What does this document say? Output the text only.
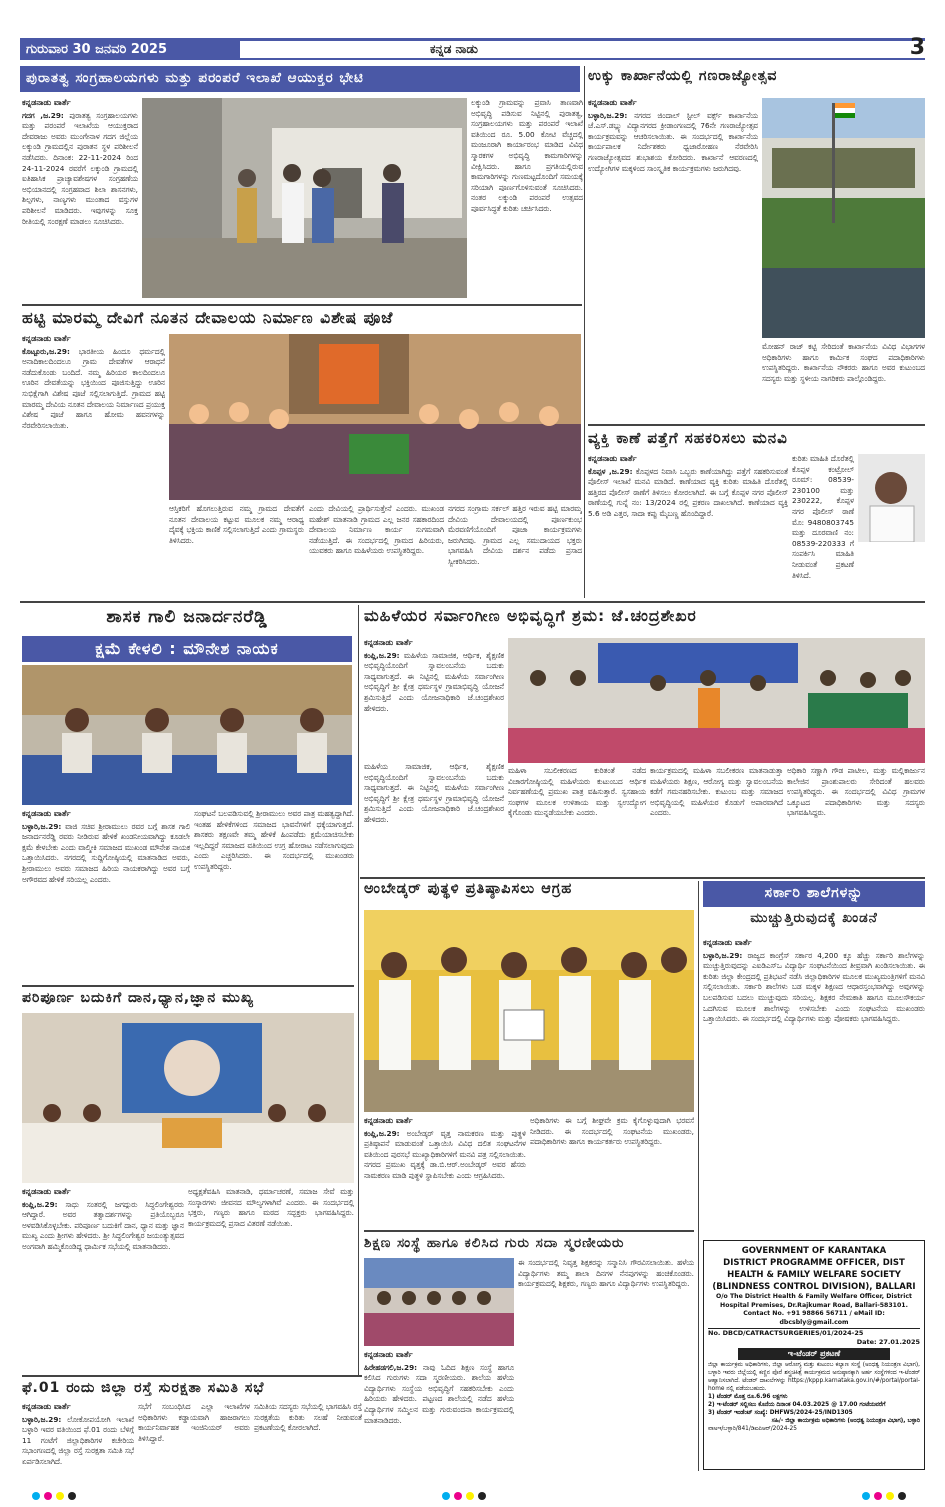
ಗುರುವಾರ 30 ಜನವರಿ 2025	ಕನ್ನಡ ನಾಡು	3
ಪುರಾತತ್ವ ಸಂಗ್ರಹಾಲಯಗಳು ಮತ್ತು ಪರಂಪರೆ ಇಲಾಖೆ ಆಯುಕ್ತರ ಭೇಟಿ	ಉಕ್ಕು ಕಾರ್ಖಾನೆಯಲ್ಲಿ ಗಣರಾಜ್ಯೋತ್ಸವ
ಕನ್ನಡನಾಡು ವಾರ್ತೆ
ಗದಗ ,ಜ.29: ಪುರಾತತ್ವ ಸಂಗ್ರಹಾಲಯಗಳು ಮತ್ತು ಪರಂಪರೆ ಇಲಾಖೆಯ ಆಯುಕ್ತರಾದ ದೇವರಾಜು ಅವರು ಮುಂಗೇನಾಳ ಗದಗ ಜಿಲ್ಲೆಯ ಲಕ್ಕುಂಡಿ ಗ್ರಾಮದಲ್ಲಿನ ಪುರಾತನ ಸ್ಥಳ ಪರಿಶೀಲನೆ ನಡೆಸಿದರು. ದಿನಾಂಕ: 22-11-2024 ರಿಂದ 24-11-2024 ರವರೆಗೆ ಲಕ್ಕುಂಡಿ ಗ್ರಾಮದಲ್ಲಿ ಐತಿಹಾಸಿಕ ಪ್ರಾಚ್ಯಾವಶೇಷಗಳ ಸಂಗ್ರಹಣೆಯ ಅಭಿಯಾನದಲ್ಲಿ ಸಂಗ್ರಹವಾದ ಶಿಲಾ ಶಾಸನಗಳು, ಶಿಲ್ಪಗಳು, ನಾಣ್ಯಗಳು ಮುಂತಾದ ವಸ್ತುಗಳ ಪರಿಶೀಲನೆ ಮಾಡಿದರು. ಇವುಗಳನ್ನು ಸೂಕ್ತ ರೀತಿಯಲ್ಲಿ ಸಂರಕ್ಷಣೆ ಮಾಡಲು ಸೂಚಿಸಿದರು.
ಲಕ್ಕುಂಡಿ ಗ್ರಾಮವನ್ನು ಪ್ರವಾಸಿ ತಾಣವಾಗಿ ಅಭಿವೃದ್ಧಿ ಪಡಿಸುವ ನಿಟ್ಟಿನಲ್ಲಿ ಪುರಾತತ್ವ, ಸಂಗ್ರಹಾಲಯಗಳು ಮತ್ತು ಪರಂಪರೆ ಇಲಾಖೆ ವತಿಯಿಂದ ರೂ. 5.00 ಕೋಟಿ ವೆಚ್ಚದಲ್ಲಿ ಮಂಜೂರಾಗಿ ಕಾರ್ಯಾರಂಭ ಮಾಡಿದ ವಿವಿಧ ಸ್ಮಾರಕಗಳ ಅಭಿವೃದ್ಧಿ ಕಾಮಗಾರಿಗಳನ್ನು ವೀಕ್ಷಿಸಿದರು. ಹಾಗೂ ಪ್ರಗತಿಯಲ್ಲಿರುವ ಕಾಮಗಾರಿಗಳನ್ನು ಗುಣಮಟ್ಟದೊಂದಿಗೆ ಸಮಯಕ್ಕೆ ಸರಿಯಾಗಿ ಪೂರ್ಣಗೊಳಿಸುವಂತೆ ಸೂಚಿಸಿದರು. ನಂತರ ಲಕ್ಕುಂಡಿ ಪರಂಪರೆ ಉತ್ಸವದ ಪೂರ್ವಸಿದ್ಧತೆ ಕುರಿತು ಚರ್ಚಿಸಿದರು.
ಕನ್ನಡನಾಡು ವಾರ್ತೆ
ಬಳ್ಳಾರಿ,ಜ.29: ನಗರದ ಜಿಂದಾಲ್ ಸ್ಟೀಲ್ ವರ್ಕ್ಸ್ ಕಾರ್ಖಾನೆಯ ಜೆ.ಎಸ್.ಡಬ್ಲ್ಯು ವಿದ್ಯಾನಗರದ ಕ್ರೀಡಾಂಗಣದಲ್ಲಿ 76ನೇ ಗಣರಾಜ್ಯೋತ್ಸವ ಕಾರ್ಯಕ್ರಮವನ್ನು ಆಚರಿಸಲಾಯಿತು. ಈ ಸಂದರ್ಭದಲ್ಲಿ ಕಾರ್ಖಾನೆಯ ಕಾರ್ಯಪಾಲಕ ನಿರ್ದೇಶಕರು ಧ್ವಜಾರೋಹಣ ನೆರವೇರಿಸಿ ಗಣರಾಜ್ಯೋತ್ಸವದ ಶುಭಾಶಯ ಕೋರಿದರು. ಕಾರ್ಖಾನೆ ಆವರಣದಲ್ಲಿ ಉದ್ಯೋಗಿಗಳ ಮಕ್ಕಳಿಂದ ಸಾಂಸ್ಕೃತಿಕ ಕಾರ್ಯಕ್ರಮಗಳು ಜರುಗಿದವು.
ಮೋಹನ್ ರಾಜ್ ಕಟ್ಟಿ ಸೇರಿದಂತೆ ಕಾರ್ಖಾನೆಯ ವಿವಿಧ ವಿಭಾಗಗಳ ಅಧಿಕಾರಿಗಳು ಹಾಗೂ ಕಾರ್ಮಿಕ ಸಂಘದ ಪದಾಧಿಕಾರಿಗಳು ಉಪಸ್ಥಿತರಿದ್ದರು. ಕಾರ್ಖಾನೆಯ ನೌಕರರು ಹಾಗೂ ಅವರ ಕುಟುಂಬದ ಸದಸ್ಯರು ಮತ್ತು ಸ್ಥಳೀಯ ನಾಗರಿಕರು ಪಾಲ್ಗೊಂಡಿದ್ದರು.
ಹಟ್ಟಿ ಮಾರಮ್ಮ ದೇವಿಗೆ ನೂತನ ದೇವಾಲಯ ನಿರ್ಮಾಣ ವಿಶೇಷ ಪೂಜೆ
ಕನ್ನಡನಾಡು ವಾರ್ತೆ
ಕೊಟ್ಟೂರು,ಜ.29: ಭಾರತೀಯ ಹಿಂದೂ ಧರ್ಮದಲ್ಲಿ ಅನಾದಿಕಾಲದಿಂದಲೂ ಗ್ರಾಮ ದೇವತೆಗಳ ಆರಾಧನೆ ನಡೆದುಕೊಂಡು ಬಂದಿದೆ. ನಮ್ಮ ಹಿರಿಯರ ಕಾಲದಿಂದಲೂ ಊರಿನ ದೇವತೆಯನ್ನು ಭಕ್ತಿಯಿಂದ ಪೂಜಿಸುತ್ತಿದ್ದು ಊರಿನ ಸುಭಿಕ್ಷೆಗಾಗಿ ವಿಶೇಷ ಪೂಜೆ ಸಲ್ಲಿಸಲಾಗುತ್ತಿದೆ. ಗ್ರಾಮದ ಹಟ್ಟಿ ಮಾರಮ್ಮ ದೇವಿಯ ನೂತನ ದೇವಾಲಯ ನಿರ್ಮಾಣದ ಪ್ರಯುಕ್ತ ವಿಶೇಷ ಪೂಜೆ ಹಾಗೂ ಹೋಮ ಹವನಗಳನ್ನು ನೆರವೇರಿಸಲಾಯಿತು.
ಆಸ್ತಿಕರಿಗೆ ಹೊಗಲುತ್ತಿರುವ ನಮ್ಮ ಗ್ರಾಮದ ದೇವತೆಗೆ ನೂತನ ದೇವಾಲಯ ಕಟ್ಟುವ ಮೂಲಕ ನಮ್ಮ ಆರಾಧ್ಯ ದೈವಕ್ಕೆ ಭಕ್ತಿಯ ಕಾಣಿಕೆ ಸಲ್ಲಿಸಲಾಗುತ್ತಿದೆ ಎಂದು ಗ್ರಾಮಸ್ಥರು ತಿಳಿಸಿದರು.
ಎಂದು ದೇವಿಯಲ್ಲಿ ಪ್ರಾರ್ಥಿಸುತ್ತೇನೆ ಎಂದರು. ಮುಖಂಡ ಮಹೇಶ್ ಮಾತನಾಡಿ ಗ್ರಾಮದ ಎಲ್ಲ ಜನರ ಸಹಕಾರದಿಂದ ದೇವಾಲಯ ನಿರ್ಮಾಣ ಕಾರ್ಯ ಸುಗಮವಾಗಿ ನಡೆಯುತ್ತಿದೆ. ಈ ಸಂದರ್ಭದಲ್ಲಿ ಗ್ರಾಮದ ಹಿರಿಯರು, ಯುವಕರು ಹಾಗೂ ಮಹಿಳೆಯರು ಉಪಸ್ಥಿತರಿದ್ದರು.
ನಗರದ ಸಂಗ್ರಾಮ ಸರ್ಕಲ್ ಹತ್ತಿರ ಇರುವ ಹಟ್ಟಿ ಮಾರಮ್ಮ ದೇವಿಯ ದೇವಾಲಯದಲ್ಲಿ ಪೂರ್ಣಕುಂಭ ಮೆರವಣಿಗೆಯೊಂದಿಗೆ ಪೂಜಾ ಕಾರ್ಯಕ್ರಮಗಳು ಜರುಗಿದವು. ಗ್ರಾಮದ ಎಲ್ಲ ಸಮುದಾಯದ ಭಕ್ತರು ಭಾಗವಹಿಸಿ ದೇವಿಯ ದರ್ಶನ ಪಡೆದು ಪ್ರಸಾದ ಸ್ವೀಕರಿಸಿದರು.
ವ್ಯಕ್ತಿ ಕಾಣೆ ಪತ್ತೆಗೆ ಸಹಕರಿಸಲು ಮನವಿ
ಕನ್ನಡನಾಡು ವಾರ್ತೆ
ಕೊಪ್ಪಳ ,ಜ.29: ಕೊಪ್ಪಳದ ನಿವಾಸಿ ಒಬ್ಬರು ಕಾಣೆಯಾಗಿದ್ದು ಪತ್ತೆಗೆ ಸಹಕರಿಸುವಂತೆ ಪೊಲೀಸ್ ಇಲಾಖೆ ಮನವಿ ಮಾಡಿದೆ. ಕಾಣೆಯಾದ ವ್ಯಕ್ತಿ ಕುರಿತು ಮಾಹಿತಿ ದೊರೆತಲ್ಲಿ ಹತ್ತಿರದ ಪೊಲೀಸ್ ಠಾಣೆಗೆ ತಿಳಿಸಲು ಕೋರಲಾಗಿದೆ. ಈ ಬಗ್ಗೆ ಕೊಪ್ಪಳ ನಗರ ಪೊಲೀಸ್ ಠಾಣೆಯಲ್ಲಿ ಗುನ್ನೆ ನಂ: 13/2024 ರಲ್ಲಿ ಪ್ರಕರಣ ದಾಖಲಾಗಿದೆ. ಕಾಣೆಯಾದ ವ್ಯಕ್ತಿ 5.6 ಅಡಿ ಎತ್ತರ, ಸಾದಾ ಕಪ್ಪು ಮೈಬಣ್ಣ ಹೊಂದಿದ್ದಾರೆ.
ಕುರಿತು ಮಾಹಿತಿ ದೊರೆತಲ್ಲಿ ಕೊಪ್ಪಳ ಕಂಟ್ರೋಲ್ ರೂಮ್: 08539-230100 ಮತ್ತು 230222, ಕೊಪ್ಪಳ ನಗರ ಪೊಲೀಸ್ ಠಾಣೆ ಮೊ: 9480803745 ಮತ್ತು ದೂರವಾಣಿ ನಂ: 08539-220333 ಗೆ ಸಂಪರ್ಕಿಸಿ ಮಾಹಿತಿ ನೀಡುವಂತೆ ಪ್ರಕಟಣೆ ತಿಳಿಸಿದೆ.
ಶಾಸಕ ಗಾಲಿ ಜನಾರ್ದನರೆಡ್ಡಿ
ಕ್ಷಮೆ ಕೇಳಲಿ : ಮೌನೇಶ ನಾಯಕ
ಕನ್ನಡನಾಡು ವಾರ್ತೆ
ಬಳ್ಳಾರಿ,ಜ.29: ವಾಜಿ ಸಚಿವ ಶ್ರೀರಾಮುಲು ರವರ ಬಗ್ಗೆ ಶಾಸಕ ಗಾಲಿ ಜನಾರ್ದನರೆಡ್ಡಿ ರವರು ನೀಡಿರುವ ಹೇಳಿಕೆ ಖಂಡನೀಯವಾಗಿದ್ದು ಕೂಡಲೇ ಕ್ಷಮೆ ಕೇಳಬೇಕು ಎಂದು ವಾಲ್ಮೀಕಿ ಸಮಾಜದ ಮುಖಂಡ ಮೌನೇಶ ನಾಯಕ ಒತ್ತಾಯಿಸಿದರು. ನಗರದಲ್ಲಿ ಸುದ್ದಿಗೋಷ್ಠಿಯಲ್ಲಿ ಮಾತನಾಡಿದ ಅವರು, ಶ್ರೀರಾಮುಲು ಅವರು ಸಮಾಜದ ಹಿರಿಯ ನಾಯಕರಾಗಿದ್ದು ಅವರ ಬಗ್ಗೆ ಅಗೌರವದ ಹೇಳಿಕೆ ಸರಿಯಲ್ಲ ಎಂದರು.
ಸಂಘಟನೆ ಬಲಪಡಿಸುವಲ್ಲಿ ಶ್ರೀರಾಮುಲು ಅವರ ಪಾತ್ರ ಮಹತ್ವದ್ದಾಗಿದೆ. ಇಂತಹ ಹೇಳಿಕೆಗಳಿಂದ ಸಮಾಜದ ಭಾವನೆಗಳಿಗೆ ಧಕ್ಕೆಯಾಗುತ್ತದೆ. ಶಾಸಕರು ತಕ್ಷಣವೇ ತಮ್ಮ ಹೇಳಿಕೆ ಹಿಂಪಡೆದು ಕ್ಷಮೆಯಾಚಿಸಬೇಕು ಇಲ್ಲದಿದ್ದರೆ ಸಮಾಜದ ವತಿಯಿಂದ ಉಗ್ರ ಹೋರಾಟ ನಡೆಸಲಾಗುವುದು ಎಂದು ಎಚ್ಚರಿಸಿದರು. ಈ ಸಂದರ್ಭದಲ್ಲಿ ಮುಖಂಡರು ಉಪಸ್ಥಿತರಿದ್ದರು.
ಪರಿಪೂರ್ಣ ಬದುಕಿಗೆ ದಾನ,ಧ್ಯಾನ,ಜ್ಞಾನ ಮುಖ್ಯ
ಕನ್ನಡನಾಡು ವಾರ್ತೆ
ಕಂಪ್ಲಿ,ಜ.29: ಸಾಧು ಸಂತರಲ್ಲಿ ಜಗದ್ಗುರು ಸಿದ್ಧಲಿಂಗೇಶ್ವರರು ಆಗಿದ್ದಾರೆ. ಅವರ ತತ್ವಾದರ್ಶಗಳನ್ನು ಪ್ರತಿಯೊಬ್ಬರೂ ಅಳವಡಿಸಿಕೊಳ್ಳಬೇಕು. ಪರಿಪೂರ್ಣ ಬದುಕಿಗೆ ದಾನ, ಧ್ಯಾನ ಮತ್ತು ಜ್ಞಾನ ಮುಖ್ಯ ಎಂದು ಶ್ರೀಗಳು ಹೇಳಿದರು. ಶ್ರೀ ಸಿದ್ಧಲಿಂಗೇಶ್ವರ ಜಯಂತ್ಯುತ್ಸವದ ಅಂಗವಾಗಿ ಹಮ್ಮಿಕೊಂಡಿದ್ದ ಧಾರ್ಮಿಕ ಸಭೆಯಲ್ಲಿ ಮಾತನಾಡಿದರು.
ಅಧ್ಯಕ್ಷತೆವಹಿಸಿ ಮಾತನಾಡಿ, ಧರ್ಮಾಚರಣೆ, ಸಮಾಜ ಸೇವೆ ಮತ್ತು ಸಂಸ್ಕಾರಗಳು ಜೀವನದ ಮೌಲ್ಯಗಳಾಗಿವೆ ಎಂದರು. ಈ ಸಂದರ್ಭದಲ್ಲಿ ಭಕ್ತರು, ಗಣ್ಯರು ಹಾಗೂ ಮಠದ ಸದ್ಭಕ್ತರು ಭಾಗವಹಿಸಿದ್ದರು. ಕಾರ್ಯಕ್ರಮದಲ್ಲಿ ಪ್ರಸಾದ ವಿತರಣೆ ನಡೆಯಿತು.
ಫೆ.01 ರಂದು ಜಿಲ್ಲಾ ರಸ್ತೆ ಸುರಕ್ಷತಾ ಸಮಿತಿ ಸಭೆ
ಕನ್ನಡನಾಡು ವಾರ್ತೆ
ಬಳ್ಳಾರಿ,ಜ.29: ಲೋಕೋಪಯೋಗಿ ಇಲಾಖೆ ಬಳ್ಳಾರಿ ಇವರ ವತಿಯಿಂದ ಫೆ.01 ರಂದು ಬೆಳಿಗ್ಗೆ 11 ಗಂಟೆಗೆ ಜಿಲ್ಲಾಧಿಕಾರಿಗಳ ಕಚೇರಿಯ ಸಭಾಂಗಣದಲ್ಲಿ ಜಿಲ್ಲಾ ರಸ್ತೆ ಸುರಕ್ಷತಾ ಸಮಿತಿ ಸಭೆ ಏರ್ಪಡಿಸಲಾಗಿದೆ.
ಸಭೆಗೆ ಸಂಬಂಧಿಸಿದ ಎಲ್ಲಾ ಇಲಾಖೆಗಳ ಅಧಿಕಾರಿಗಳು ಕಡ್ಡಾಯವಾಗಿ ಹಾಜರಾಗಲು ಕಾರ್ಯನಿರ್ವಾಹಕ ಇಂಜಿನಿಯರ್ ಅವರು ತಿಳಿಸಿದ್ದಾರೆ.
ಸಮಿತಿಯ ಸದಸ್ಯರು ಸಭೆಯಲ್ಲಿ ಭಾಗವಹಿಸಿ ರಸ್ತೆ ಸುರಕ್ಷತೆಯ ಕುರಿತು ಸಲಹೆ ನೀಡುವಂತೆ ಪ್ರಕಟಣೆಯಲ್ಲಿ ಕೋರಲಾಗಿದೆ.
ಮಹಿಳೆಯರ ಸರ್ವಾಂಗೀಣ ಅಭಿವೃದ್ಧಿಗೆ ಶ್ರಮ: ಜೆ.ಚಂದ್ರಶೇಖರ
ಕನ್ನಡನಾಡು ವಾರ್ತೆ
ಕಂಪ್ಲಿ,ಜ.29: ಮಹಿಳೆಯ ಸಾಮಾಜಿಕ, ಆರ್ಥಿಕ, ಶೈಕ್ಷಣಿಕ ಅಭಿವೃದ್ಧಿಯೊಂದಿಗೆ ಸ್ವಾವಲಂಬನೆಯ ಬದುಕು ಸಾಧ್ಯವಾಗುತ್ತದೆ. ಈ ನಿಟ್ಟಿನಲ್ಲಿ ಮಹಿಳೆಯ ಸರ್ವಾಂಗೀಣ ಅಭಿವೃದ್ಧಿಗೆ ಶ್ರೀ ಕ್ಷೇತ್ರ ಧರ್ಮಸ್ಥಳ ಗ್ರಾಮಾಭಿವೃದ್ಧಿ ಯೋಜನೆ ಶ್ರಮಿಸುತ್ತಿದೆ ಎಂದು ಯೋಜನಾಧಿಕಾರಿ ಜೆ.ಚಂದ್ರಶೇಖರ ಹೇಳಿದರು.
ಮಹಿಳೆಯ ಸಾಮಾಜಿಕ, ಆರ್ಥಿಕ, ಶೈಕ್ಷಣಿಕ ಅಭಿವೃದ್ಧಿಯೊಂದಿಗೆ ಸ್ವಾವಲಂಬನೆಯ ಬದುಕು ಸಾಧ್ಯವಾಗುತ್ತದೆ. ಈ ನಿಟ್ಟಿನಲ್ಲಿ ಮಹಿಳೆಯ ಸರ್ವಾಂಗೀಣ ಅಭಿವೃದ್ಧಿಗೆ ಶ್ರೀ ಕ್ಷೇತ್ರ ಧರ್ಮಸ್ಥಳ ಗ್ರಾಮಾಭಿವೃದ್ಧಿ ಯೋಜನೆ ಶ್ರಮಿಸುತ್ತಿದೆ ಎಂದು ಯೋಜನಾಧಿಕಾರಿ ಜೆ.ಚಂದ್ರಶೇಖರ ಹೇಳಿದರು.
ಮಹಿಳಾ ಸಬಲೀಕರಣದ ಕುರಿತಂತೆ ನಡೆದ ವಿಚಾರಗೋಷ್ಠಿಯಲ್ಲಿ ಮಹಿಳೆಯರು ಕುಟುಂಬದ ಆರ್ಥಿಕ ನಿರ್ವಹಣೆಯಲ್ಲಿ ಪ್ರಮುಖ ಪಾತ್ರ ವಹಿಸುತ್ತಾರೆ. ಸ್ವಸಹಾಯ ಸಂಘಗಳ ಮೂಲಕ ಉಳಿತಾಯ ಮತ್ತು ಸ್ವಉದ್ಯೋಗ ಕೈಗೊಂಡು ಮುನ್ನಡೆಯಬೇಕು ಎಂದರು.
ಕಾರ್ಯಕ್ರಮದಲ್ಲಿ ಮಹಿಳಾ ಸಬಲೀಕರಣ ಮಾತನಾಡುತ್ತಾ ಮಹಿಳೆಯರು ಶಿಕ್ಷಣ, ಆರೋಗ್ಯ ಮತ್ತು ಸ್ವಾವಲಂಬನೆಯ ಕಡೆಗೆ ಗಮನಹರಿಸಬೇಕು. ಕುಟುಂಬ ಮತ್ತು ಸಮಾಜದ ಅಭಿವೃದ್ಧಿಯಲ್ಲಿ ಮಹಿಳೆಯರ ಕೊಡುಗೆ ಅಪಾರವಾಗಿದೆ ಎಂದರು.
ಅಧಿಕಾರಿ ಸಣ್ಣಾಗಿ ಗೌಡ ಪಾಟೀಲ, ಮತ್ತು ಮಲ್ಲಿಕಾರ್ಜುನ ಕಾಲೇಜಿನ ಪ್ರಾಂಶುಪಾಲರು ಸೇರಿದಂತೆ ಹಲವರು ಉಪಸ್ಥಿತರಿದ್ದರು. ಈ ಸಂದರ್ಭದಲ್ಲಿ ವಿವಿಧ ಗ್ರಾಮಗಳ ಒಕ್ಕೂಟದ ಪದಾಧಿಕಾರಿಗಳು ಮತ್ತು ಸದಸ್ಯರು ಭಾಗವಹಿಸಿದ್ದರು.
ಅಂಬೇಡ್ಕರ್ ಪುತ್ಥಳಿ ಪ್ರತಿಷ್ಠಾಪಿಸಲು ಆಗ್ರಹ
ಕನ್ನಡನಾಡು ವಾರ್ತೆ
ಕಂಪ್ಲಿ,ಜ.29: ಅಂಬೇಡ್ಕರ್ ವೃತ್ತ ನಾಮಕರಣ ಮತ್ತು ಪುತ್ಥಳಿ ಪ್ರತಿಷ್ಠಾಪನೆ ಮಾಡುವಂತೆ ಒತ್ತಾಯಿಸಿ ವಿವಿಧ ದಲಿತ ಸಂಘಟನೆಗಳ ವತಿಯಿಂದ ಪುರಸಭೆ ಮುಖ್ಯಾಧಿಕಾರಿಗಳಿಗೆ ಮನವಿ ಪತ್ರ ಸಲ್ಲಿಸಲಾಯಿತು. ನಗರದ ಪ್ರಮುಖ ವೃತ್ತಕ್ಕೆ ಡಾ.ಬಿ.ಆರ್.ಅಂಬೇಡ್ಕರ್ ಅವರ ಹೆಸರು ನಾಮಕರಣ ಮಾಡಿ ಪುತ್ಥಳಿ ಸ್ಥಾಪಿಸಬೇಕು ಎಂದು ಆಗ್ರಹಿಸಿದರು.
ಅಧಿಕಾರಿಗಳು ಈ ಬಗ್ಗೆ ಶೀಘ್ರವೇ ಕ್ರಮ ಕೈಗೊಳ್ಳುವುದಾಗಿ ಭರವಸೆ ನೀಡಿದರು. ಈ ಸಂದರ್ಭದಲ್ಲಿ ಸಂಘಟನೆಯ ಮುಖಂಡರು, ಪದಾಧಿಕಾರಿಗಳು ಹಾಗೂ ಕಾರ್ಯಕರ್ತರು ಉಪಸ್ಥಿತರಿದ್ದರು.
ಶಿಕ್ಷಣ ಸಂಸ್ಥೆ ಹಾಗೂ ಕಲಿಸಿದ ಗುರು ಸದಾ ಸ್ಮರಣೀಯರು
ಕನ್ನಡನಾಡು ವಾರ್ತೆ
ಹಿರೇಹಡಗಲಿ,ಜ.29: ನಾವು ಓದಿದ ಶಿಕ್ಷಣ ಸಂಸ್ಥೆ ಹಾಗೂ ಕಲಿಸಿದ ಗುರುಗಳು ಸದಾ ಸ್ಮರಣೀಯರು. ಶಾಲೆಯ ಹಳೆಯ ವಿದ್ಯಾರ್ಥಿಗಳು ಸಂಸ್ಥೆಯ ಅಭಿವೃದ್ಧಿಗೆ ಸಹಕರಿಸಬೇಕು ಎಂದು ಹಿರಿಯರು ಹೇಳಿದರು. ಪಟ್ಟಣದ ಶಾಲೆಯಲ್ಲಿ ನಡೆದ ಹಳೆಯ ವಿದ್ಯಾರ್ಥಿಗಳ ಸಮ್ಮಿಲನ ಮತ್ತು ಗುರುವಂದನಾ ಕಾರ್ಯಕ್ರಮದಲ್ಲಿ ಮಾತನಾಡಿದರು.
ಈ ಸಂದರ್ಭದಲ್ಲಿ ನಿವೃತ್ತ ಶಿಕ್ಷಕರನ್ನು ಸನ್ಮಾನಿಸಿ ಗೌರವಿಸಲಾಯಿತು. ಹಳೆಯ ವಿದ್ಯಾರ್ಥಿಗಳು ತಮ್ಮ ಶಾಲಾ ದಿನಗಳ ನೆನಪುಗಳನ್ನು ಹಂಚಿಕೊಂಡರು. ಕಾರ್ಯಕ್ರಮದಲ್ಲಿ ಶಿಕ್ಷಕರು, ಗಣ್ಯರು ಹಾಗೂ ವಿದ್ಯಾರ್ಥಿಗಳು ಉಪಸ್ಥಿತರಿದ್ದರು.
ಸರ್ಕಾರಿ ಶಾಲೆಗಳನ್ನು
ಮುಚ್ಚುತ್ತಿರುವುದಕ್ಕೆ ಖಂಡನೆ
ಕನ್ನಡನಾಡು ವಾರ್ತೆ
ಬಳ್ಳಾರಿ,ಜ.29: ರಾಜ್ಯದ ಕಾಂಗ್ರೆಸ್ ಸರ್ಕಾರ 4,200 ಕ್ಕೂ ಹೆಚ್ಚು ಸರ್ಕಾರಿ ಶಾಲೆಗಳನ್ನು ಮುಚ್ಚುತ್ತಿರುವುದನ್ನು ಎಐಡಿಎಸ್‌ಒ ವಿದ್ಯಾರ್ಥಿ ಸಂಘಟನೆಯಿಂದ ತೀವ್ರವಾಗಿ ಖಂಡಿಸಲಾಯಿತು. ಈ ಕುರಿತು ಜಿಲ್ಲಾ ಕೇಂದ್ರದಲ್ಲಿ ಪ್ರತಿಭಟನೆ ನಡೆಸಿ ಜಿಲ್ಲಾಧಿಕಾರಿಗಳ ಮೂಲಕ ಮುಖ್ಯಮಂತ್ರಿಗಳಿಗೆ ಮನವಿ ಸಲ್ಲಿಸಲಾಯಿತು. ಸರ್ಕಾರಿ ಶಾಲೆಗಳು ಬಡ ಮಕ್ಕಳ ಶಿಕ್ಷಣದ ಆಧಾರಸ್ತಂಭವಾಗಿದ್ದು ಅವುಗಳನ್ನು ಬಲಪಡಿಸುವ ಬದಲು ಮುಚ್ಚುವುದು ಸರಿಯಲ್ಲ. ಶಿಕ್ಷಕರ ನೇಮಕಾತಿ ಹಾಗೂ ಮೂಲಸೌಕರ್ಯ ಒದಗಿಸುವ ಮೂಲಕ ಶಾಲೆಗಳನ್ನು ಉಳಿಸಬೇಕು ಎಂದು ಸಂಘಟನೆಯ ಮುಖಂಡರು ಒತ್ತಾಯಿಸಿದರು. ಈ ಸಂದರ್ಭದಲ್ಲಿ ವಿದ್ಯಾರ್ಥಿಗಳು ಮತ್ತು ಪೋಷಕರು ಭಾಗವಹಿಸಿದ್ದರು.
GOVERNMENT OF KARANTAKA
DISTRICT PROGRAMME OFFICER, DIST
HEALTH & FAMILY WELFARE SOCIETY
(BLINDNESS CONTROL DIVISION), BALLARI
O/o The District Health & Family Welfare Officer, District
Hospital Premises, Dr.Rajkumar Road, Ballari-583101.
Contact No. +91 98866 56711 / eMail ID: dbcsbly@gmail.com
No. DBCD/CATRACTSURGERIES/01/2024-25
Date: 27.01.2025
ಇ-ಟೆಂಡರ್ ಪ್ರಕಟಣೆ
ಜಿಲ್ಲಾ ಕಾರ್ಯಕ್ರಮ ಅಧಿಕಾರಿಗಳು, ಜಿಲ್ಲಾ ಆರೋಗ್ಯ ಮತ್ತು ಕುಟುಂಬ ಕಲ್ಯಾಣ ಸಂಸ್ಥೆ (ಅಂಧತ್ವ ನಿಯಂತ್ರಣ ವಿಭಾಗ), ಬಳ್ಳಾರಿ ಇವರು ಜಿಲ್ಲೆಯಲ್ಲಿ ಕಣ್ಣಿನ ಪೊರೆ ಶಸ್ತ್ರಚಿಕಿತ್ಸೆ ಕಾರ್ಯಕ್ರಮದ ಅನುಷ್ಠಾನಕ್ಕಾಗಿ ಅರ್ಹ ಸಂಸ್ಥೆಗಳಿಂದ ಇ-ಟೆಂಡರ್ ಆಹ್ವಾನಿಸಲಾಗಿದೆ. ಟೆಂಡರ್ ದಾಖಲೆಗಳನ್ನು https://kppp.karnataka.gov.in/#/portal/portal-home ನಲ್ಲಿ ಪಡೆಯಬಹುದು.
1) ಟೆಂಡರ್ ಮೊತ್ತ ರೂ.6.96 ಲಕ್ಷಗಳು
2) ಇ-ಟೆಂಡರ್ ಸಲ್ಲಿಸಲು ಕೊನೆಯ ದಿನಾಂಕ 04.03.2025 @ 17.00 ಗಂಟೆಯವರೆಗೆ
3) ಟೆಂಡರ್ ಇಂಡೆಂಟ್ ಸಂಖ್ಯೆ: DHFWS/2024-25/IND1305
ಸಹಿ/- ಜಿಲ್ಲಾ ಕಾರ್ಯಕ್ರಮ ಅಧಿಕಾರಿಗಳು (ಅಂಧತ್ವ ನಿಯಂತ್ರಣ ವಿಭಾಗ), ಬಳ್ಳಾರಿ
ವಾಅಇ/ಬಳ್ಳಾರಿ/841/ಡಿಐಪಿಆರ್/2024-25
